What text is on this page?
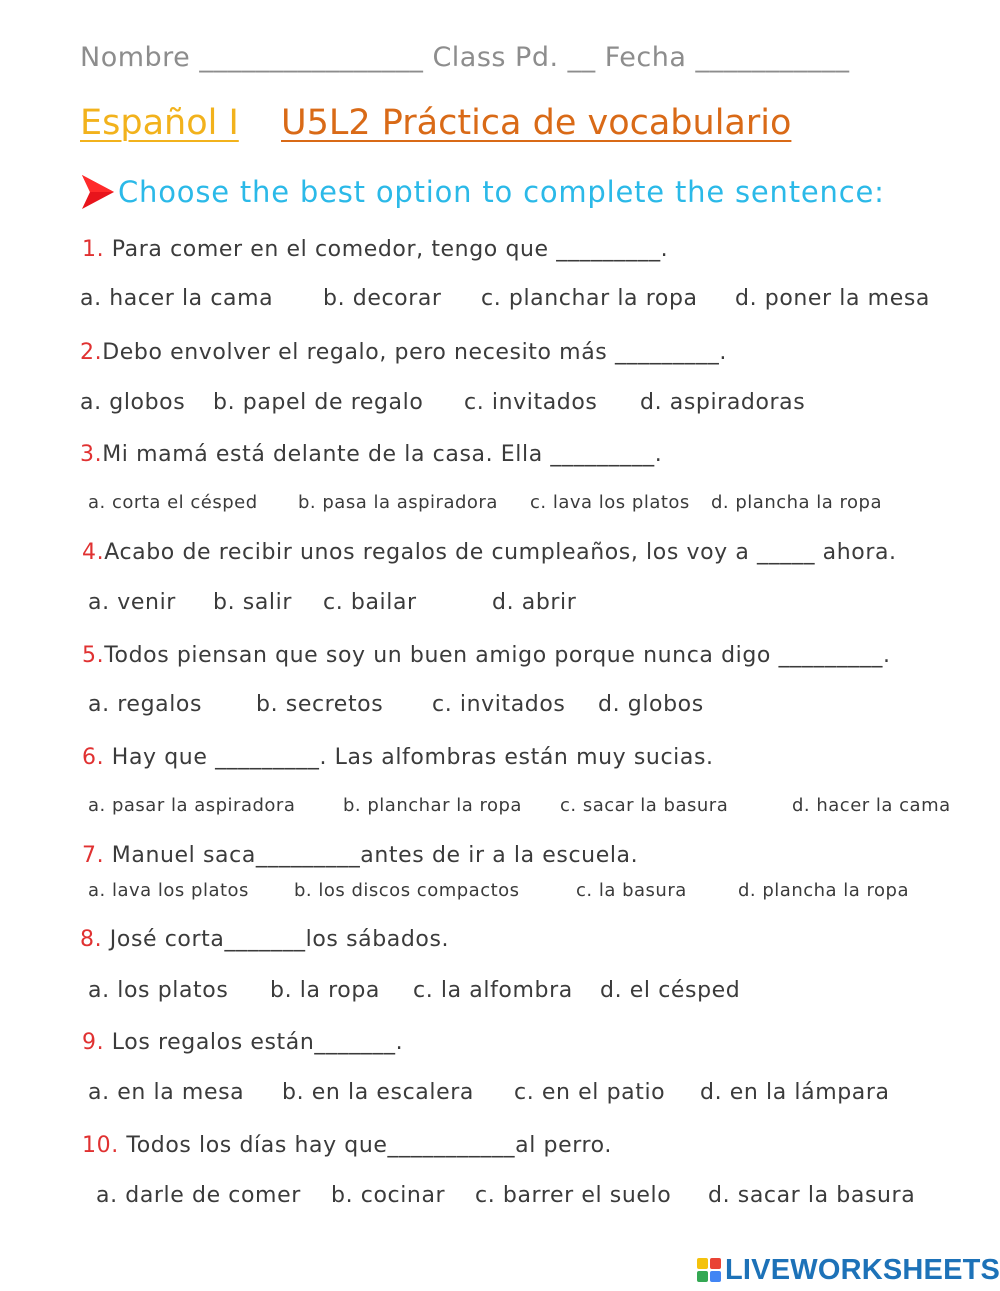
Nombre ________________ Class Pd. __ Fecha ___________
Español I U5L2 Práctica de vocabulario
Choose the best option to complete the sentence:
1. Para comer en el comedor, tengo que _________.
a. hacer la cama b. decorar c. planchar la ropa d. poner la mesa
2.Debo envolver el regalo, pero necesito más _________.
a. globos b. papel de regalo c. invitados d. aspiradoras
3.Mi mamá está delante de la casa. Ella _________.
a. corta el césped b. pasa la aspiradora c. lava los platos d. plancha la ropa
4.Acabo de recibir unos regalos de cumpleaños, los voy a _____ ahora.
a. venir b. salir c. bailar	d. abrir
5.Todos piensan que soy un buen amigo porque nunca digo _________.
a. regalos b. secretos c. invitados d. globos
6. Hay que _________. Las alfombras están muy sucias.
a. pasar la aspiradora	b. planchar la ropa c. sacar la basura	d. hacer la cama
7. Manuel saca_________antes de ir a la escuela.
a. lava los platos	b. los discos compactos	c. la basura	d. plancha la ropa
8. José corta_______los sábados.
a. los platos b. la ropa c. la alfombra d. el césped
9. Los regalos están_______.
a. en la mesa b. en la escalera c. en el patio d. en la lámpara
10. Todos los días hay que___________al perro.
a. darle de comer b. cocinar c. barrer el suelo d. sacar la basura
LIVEWORKSHEETS
